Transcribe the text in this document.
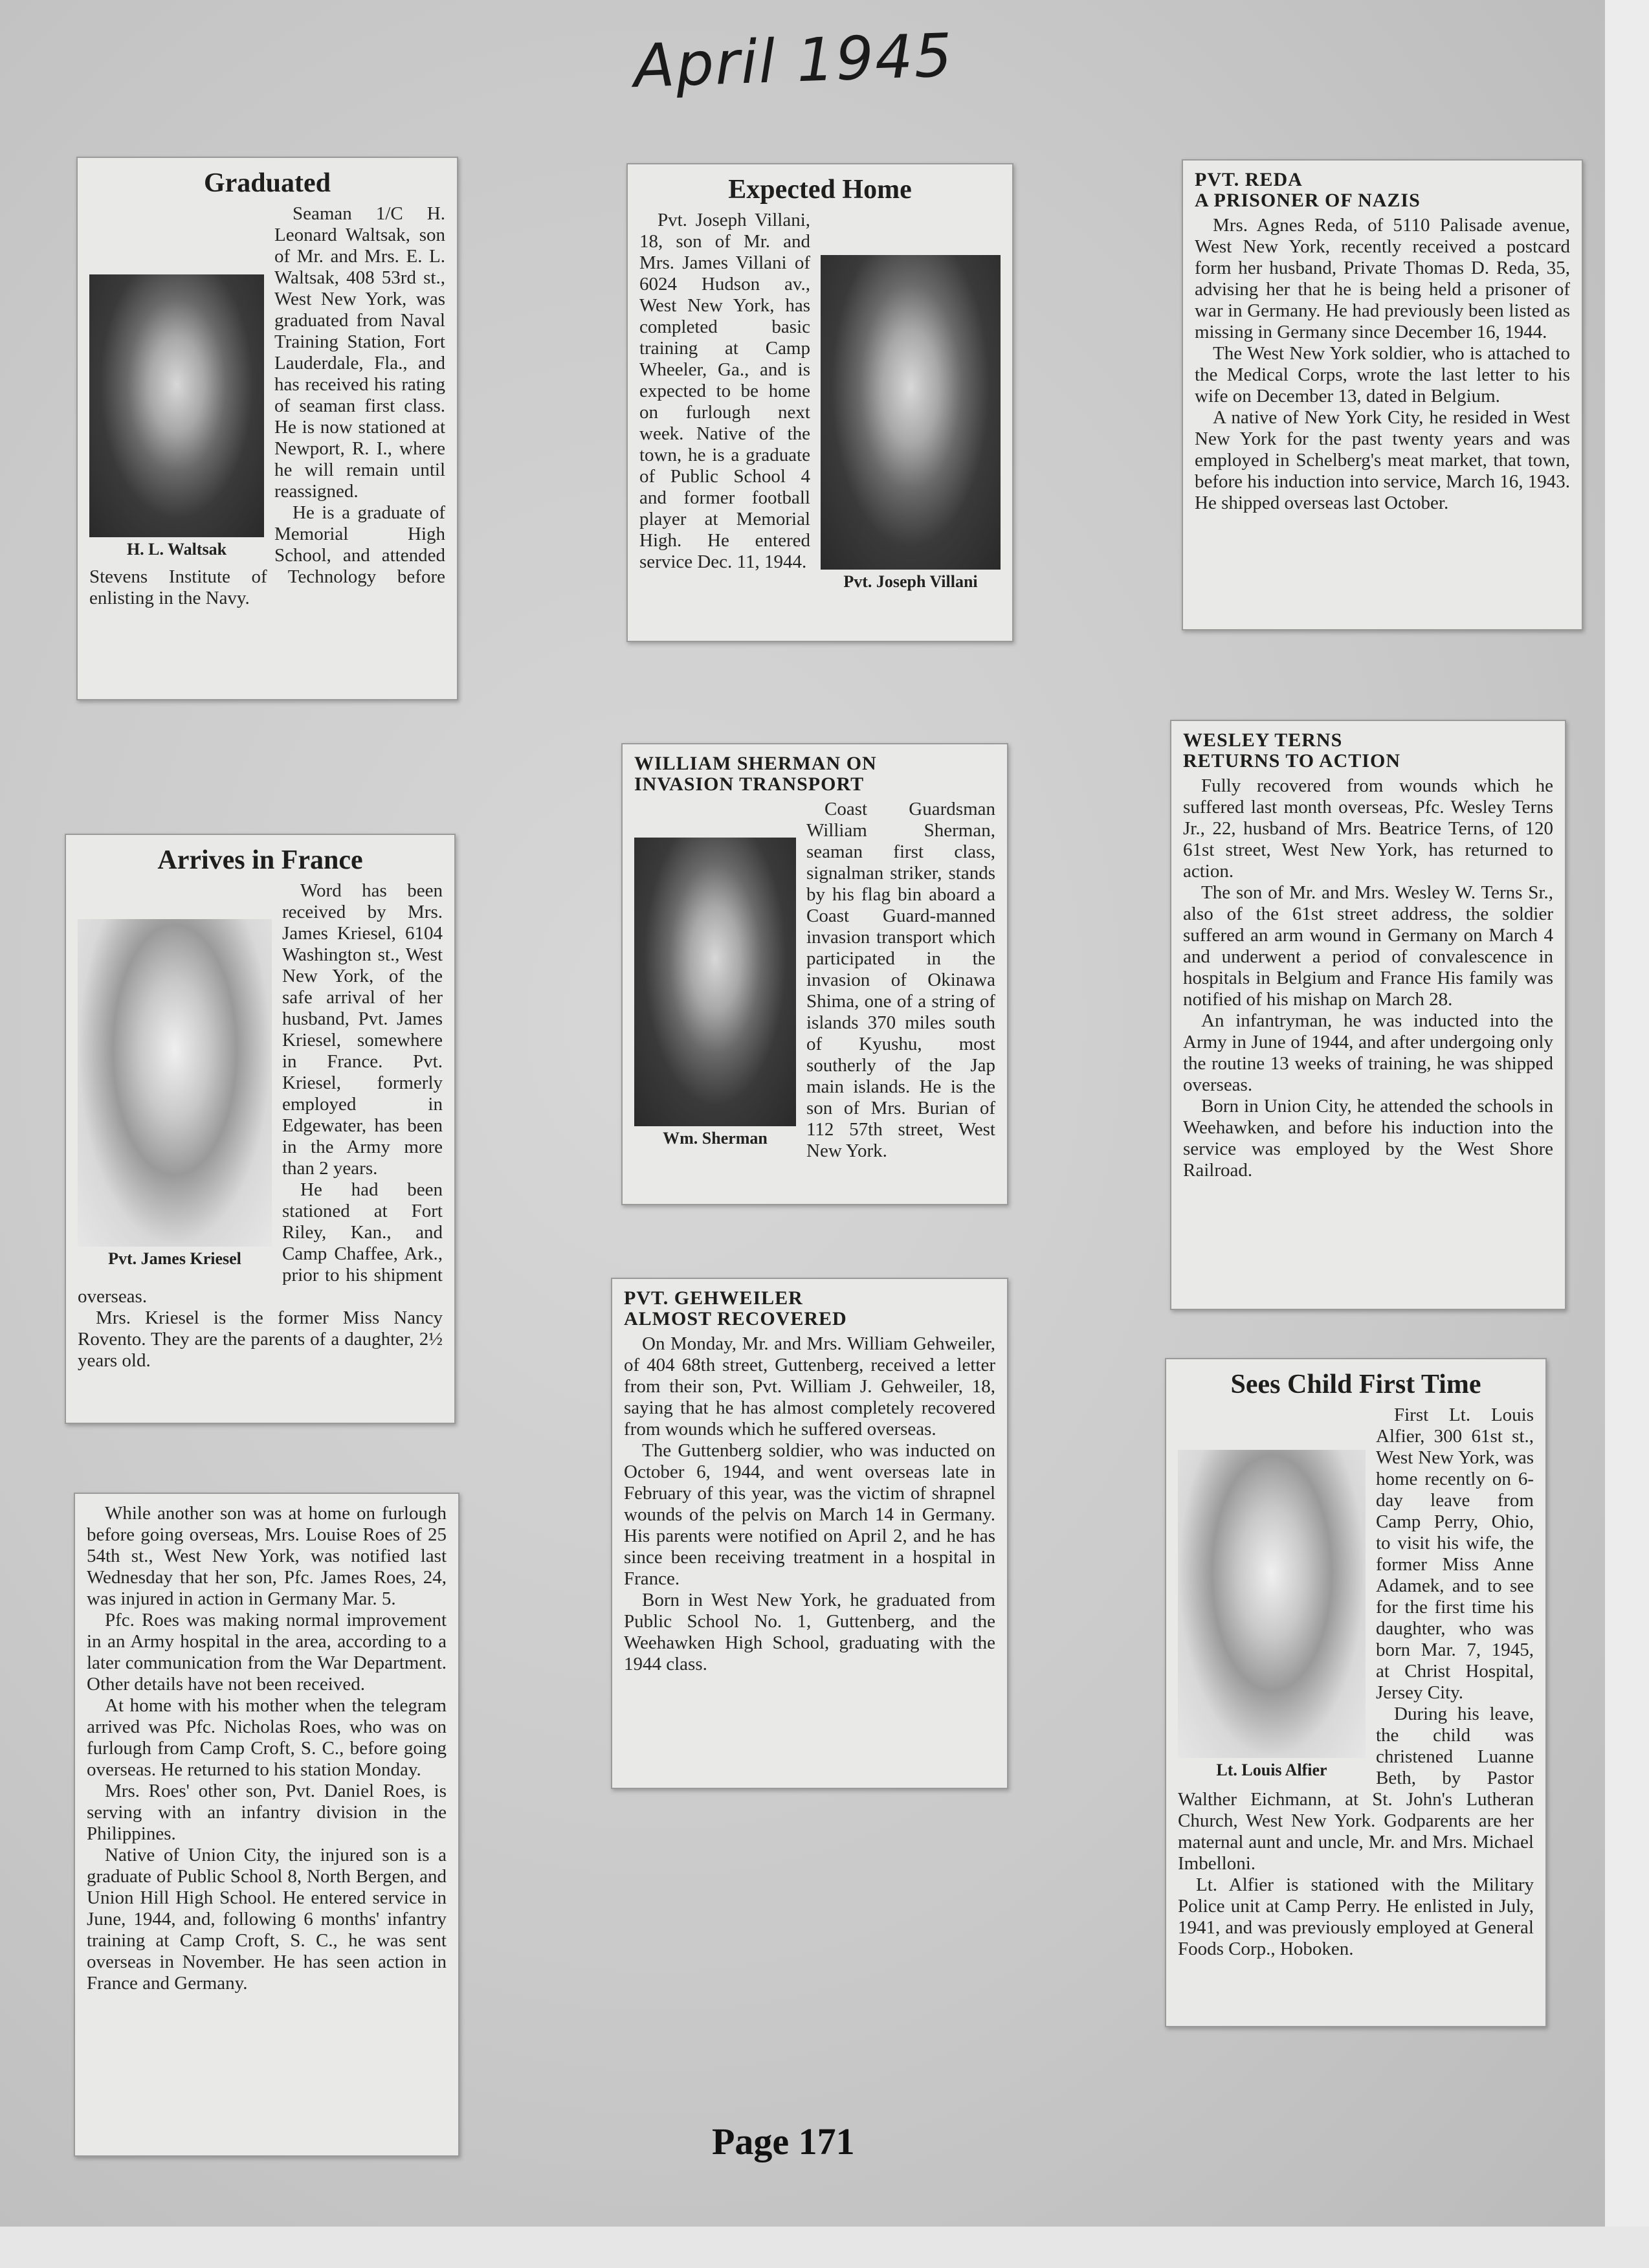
April 1945
Graduated
H. L. Waltsak

Seaman 1/C H. Leonard Waltsak, son of Mr. and Mrs. E. L. Waltsak, 408 53rd st., West New York, was graduated from Naval Training Station, Fort Lauderdale, Fla., and has received his rating of seaman first class. He is now stationed at Newport, R. I., where he will remain until reassigned.

He is a graduate of Memorial High School, and attended Stevens Institute of Technology before enlisting in the Navy.

Expected Home
Pvt. Joseph Villani

Pvt. Joseph Villani, 18, son of Mr. and Mrs. James Villani of 6024 Hudson av., West New York, has completed basic training at Camp Wheeler, Ga., and is expected to be home on furlough next week. Native of the town, he is a graduate of Public School 4 and former football player at Memorial High. He entered service Dec. 11, 1944.

PVT. REDA
A PRISONER OF NAZIS

Mrs. Agnes Reda, of 5110 Palisade avenue, West New York, recently received a postcard form her husband, Private Thomas D. Reda, 35, advising her that he is being held a prisoner of war in Germany. He had previously been listed as missing in Germany since December 16, 1944.

The West New York soldier, who is attached to the Medical Corps, wrote the last letter to his wife on December 13, dated in Belgium.

A native of New York City, he resided in West New York for the past twenty years and was employed in Schelberg's meat market, that town, before his induction into service, March 16, 1943. He shipped overseas last October.

WILLIAM SHERMAN ON
INVASION TRANSPORT
Wm. Sherman

Coast Guardsman William Sherman, seaman first class, signalman striker, stands by his flag bin aboard a Coast Guard-manned invasion transport which participated in the invasion of Okinawa Shima, one of a string of islands 370 miles south of Kyushu, most southerly of the Jap main islands. He is the son of Mrs. Burian of 112 57th street, West New York.

WESLEY TERNS
RETURNS TO ACTION

Fully recovered from wounds which he suffered last month overseas, Pfc. Wesley Terns Jr., 22, husband of Mrs. Beatrice Terns, of 120 61st street, West New York, has returned to action.

The son of Mr. and Mrs. Wesley W. Terns Sr., also of the 61st street address, the soldier suffered an arm wound in Germany on March 4 and underwent a period of convalescence in hospitals in Belgium and France His family was notified of his mishap on March 28.

An infantryman, he was inducted into the Army in June of 1944, and after undergoing only the routine 13 weeks of training, he was shipped overseas.

Born in Union City, he attended the schools in Weehawken, and before his induction into the service was employed by the West Shore Railroad.

Arrives in France
Pvt. James Kriesel

Word has been received by Mrs. James Kriesel, 6104 Washington st., West New York, of the safe arrival of her husband, Pvt. James Kriesel, somewhere in France. Pvt. Kriesel, formerly employed in Edgewater, has been in the Army more than 2 years.

He had been stationed at Fort Riley, Kan., and Camp Chaffee, Ark., prior to his shipment overseas.

Mrs. Kriesel is the former Miss Nancy Rovento. They are the parents of a daughter, 2½ years old.

PVT. GEHWEILER
ALMOST RECOVERED

On Monday, Mr. and Mrs. William Gehweiler, of 404 68th street, Guttenberg, received a letter from their son, Pvt. William J. Gehweiler, 18, saying that he has almost completely recovered from wounds which he suffered overseas.

The Guttenberg soldier, who was inducted on October 6, 1944, and went overseas late in February of this year, was the victim of shrapnel wounds of the pelvis on March 14 in Germany. His parents were notified on April 2, and he has since been receiving treatment in a hospital in France.

Born in West New York, he graduated from Public School No. 1, Guttenberg, and the Weehawken High School, graduating with the 1944 class.

While another son was at home on furlough before going overseas, Mrs. Louise Roes of 25 54th st., West New York, was notified last Wednesday that her son, Pfc. James Roes, 24, was injured in action in Germany Mar. 5.

Pfc. Roes was making normal improvement in an Army hospital in the area, according to a later communication from the War Department. Other details have not been received.

At home with his mother when the telegram arrived was Pfc. Nicholas Roes, who was on furlough from Camp Croft, S. C., before going overseas. He returned to his station Monday.

Mrs. Roes' other son, Pvt. Daniel Roes, is serving with an infantry division in the Philippines.

Native of Union City, the injured son is a graduate of Public School 8, North Bergen, and Union Hill High School. He entered service in June, 1944, and, following 6 months' infantry training at Camp Croft, S. C., he was sent overseas in November. He has seen action in France and Germany.

Sees Child First Time
Lt. Louis Alfier

First Lt. Louis Alfier, 300 61st st., West New York, was home recently on 6-day leave from Camp Perry, Ohio, to visit his wife, the former Miss Anne Adamek, and to see for the first time his daughter, who was born Mar. 7, 1945, at Christ Hospital, Jersey City.

During his leave, the child was christened Luanne Beth, by Pastor Walther Eichmann, at St. John's Lutheran Church, West New York. Godparents are her maternal aunt and uncle, Mr. and Mrs. Michael Imbelloni.

Lt. Alfier is stationed with the Military Police unit at Camp Perry. He enlisted in July, 1941, and was previously employed at General Foods Corp., Hoboken.

Page 171
